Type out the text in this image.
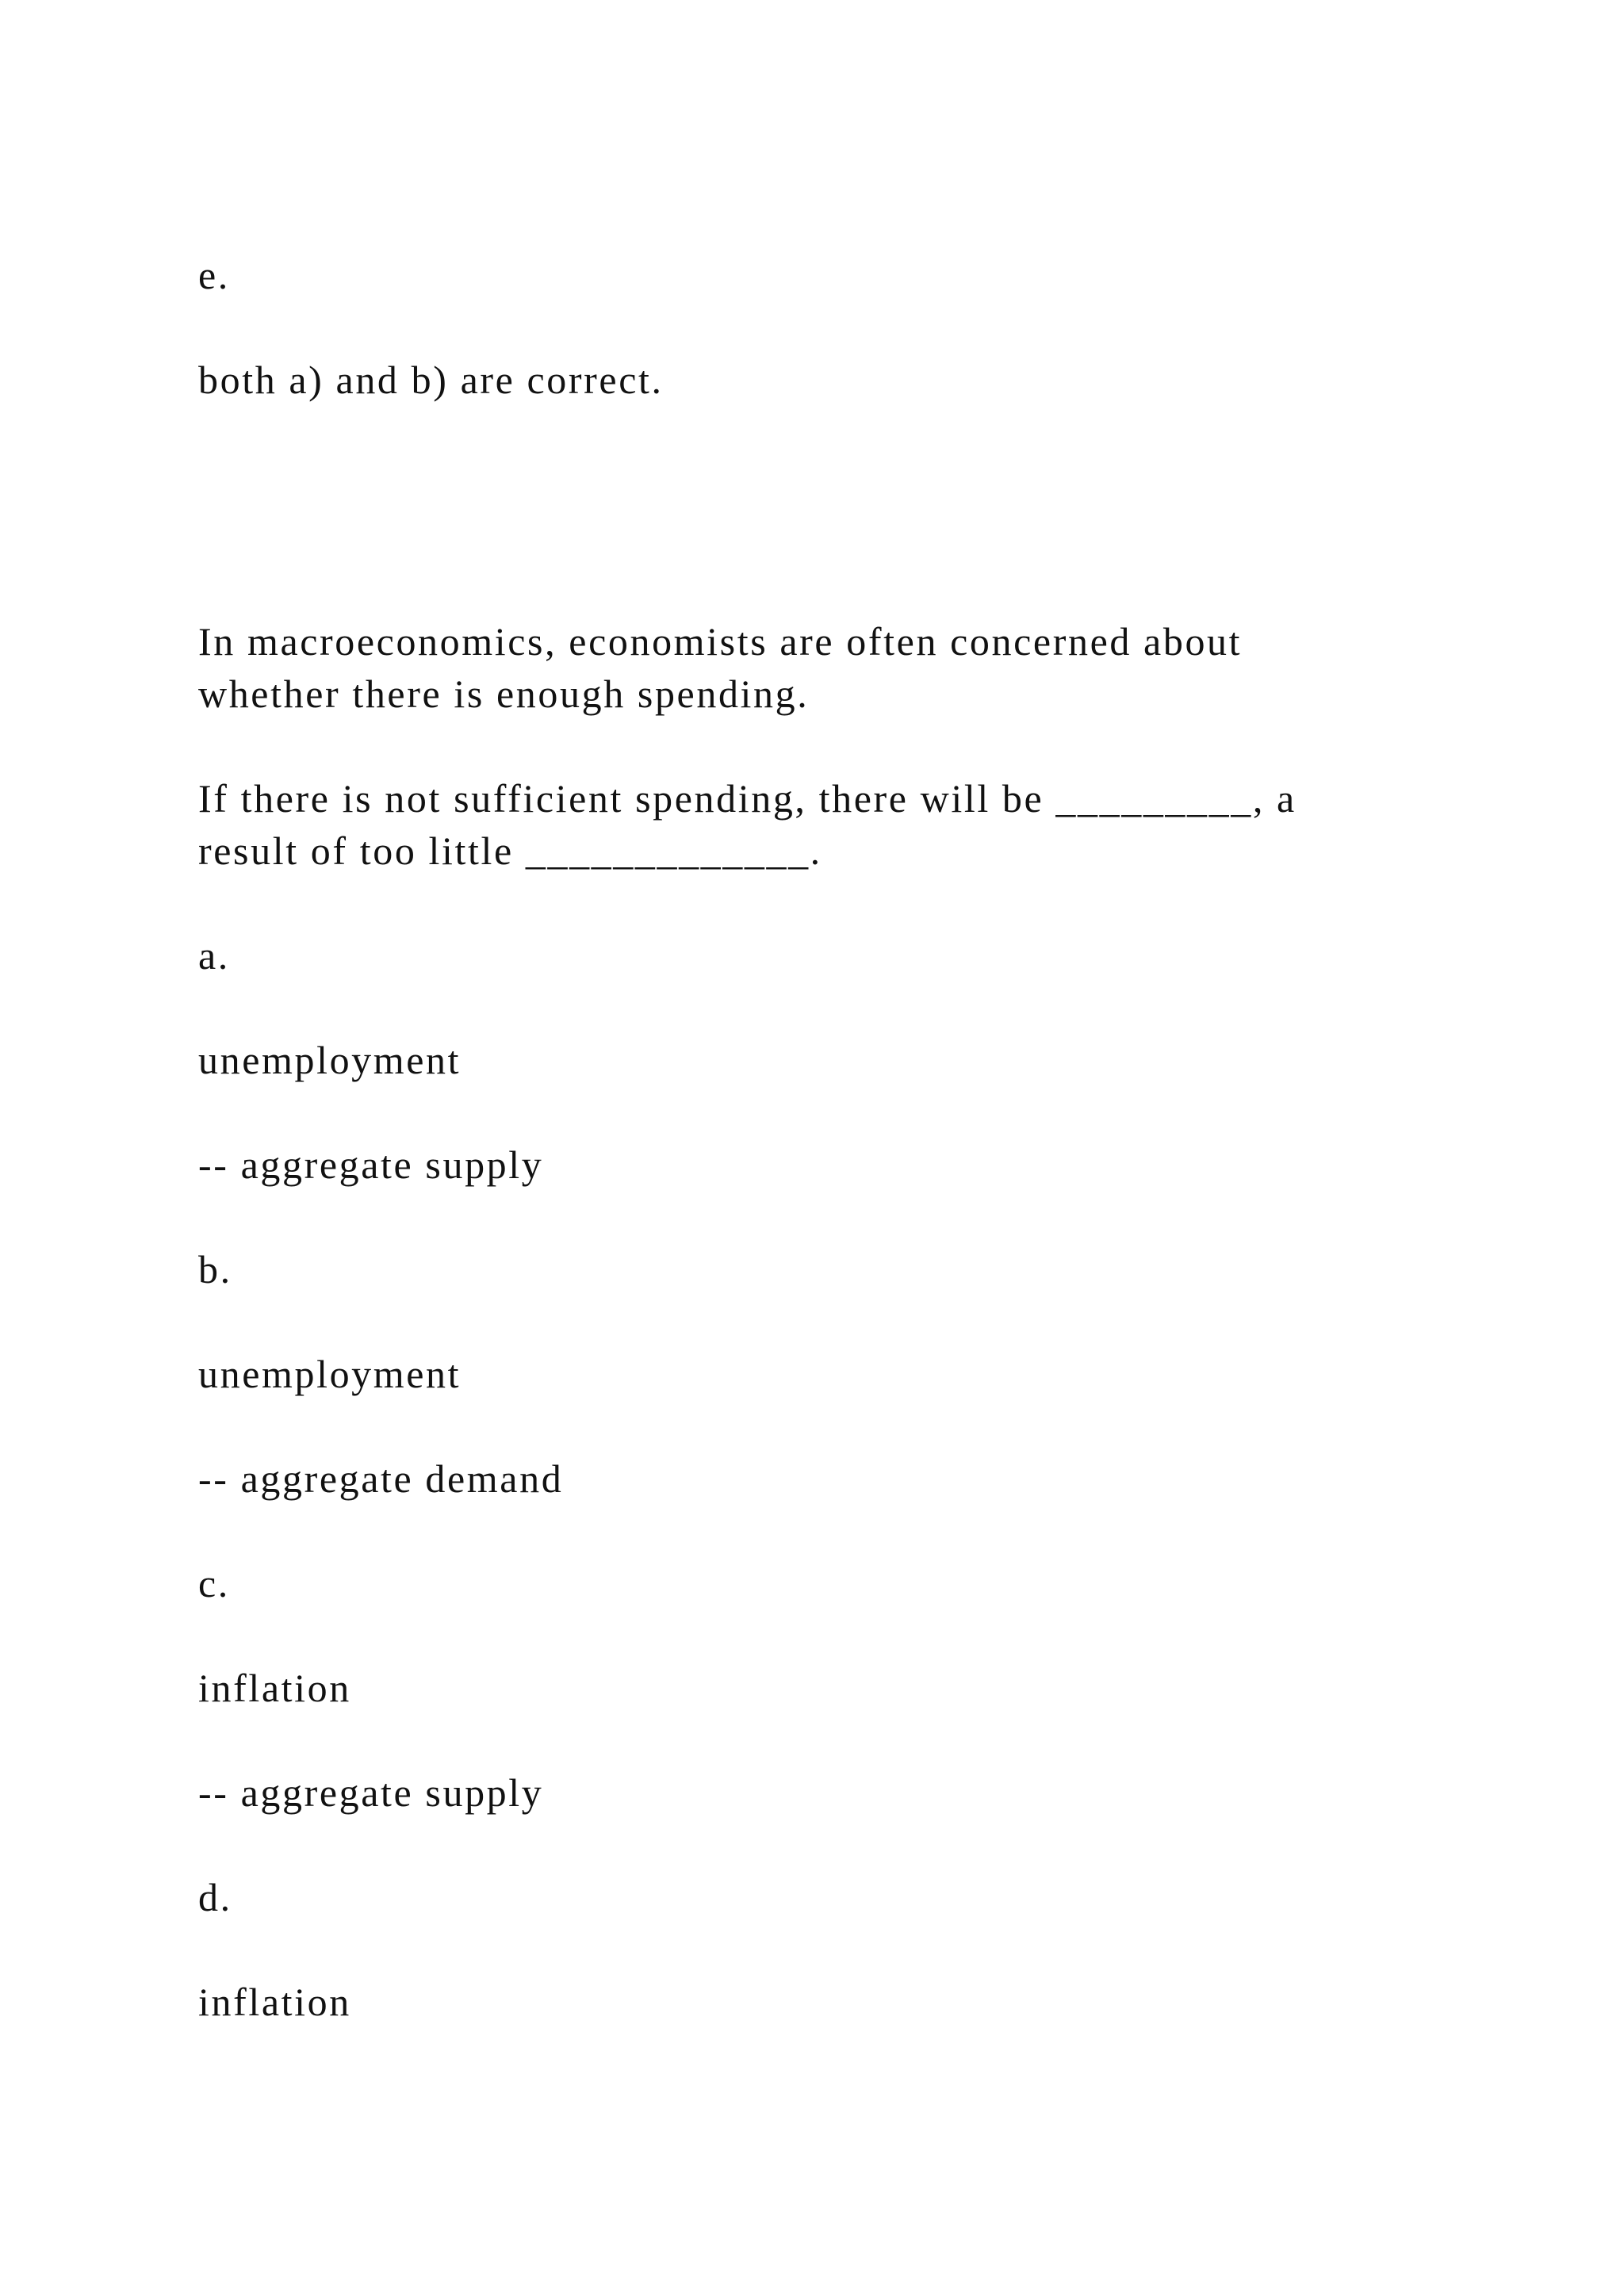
e.

both a) and b) are correct.

In macroeconomics, economists are often concerned about

whether there is enough spending.

If there is not sufficient spending, there will be _________, a

result of too little _____________.

a.

unemployment

-- aggregate supply

b.

unemployment

-- aggregate demand

c.

inflation

-- aggregate supply

d.

inflation
